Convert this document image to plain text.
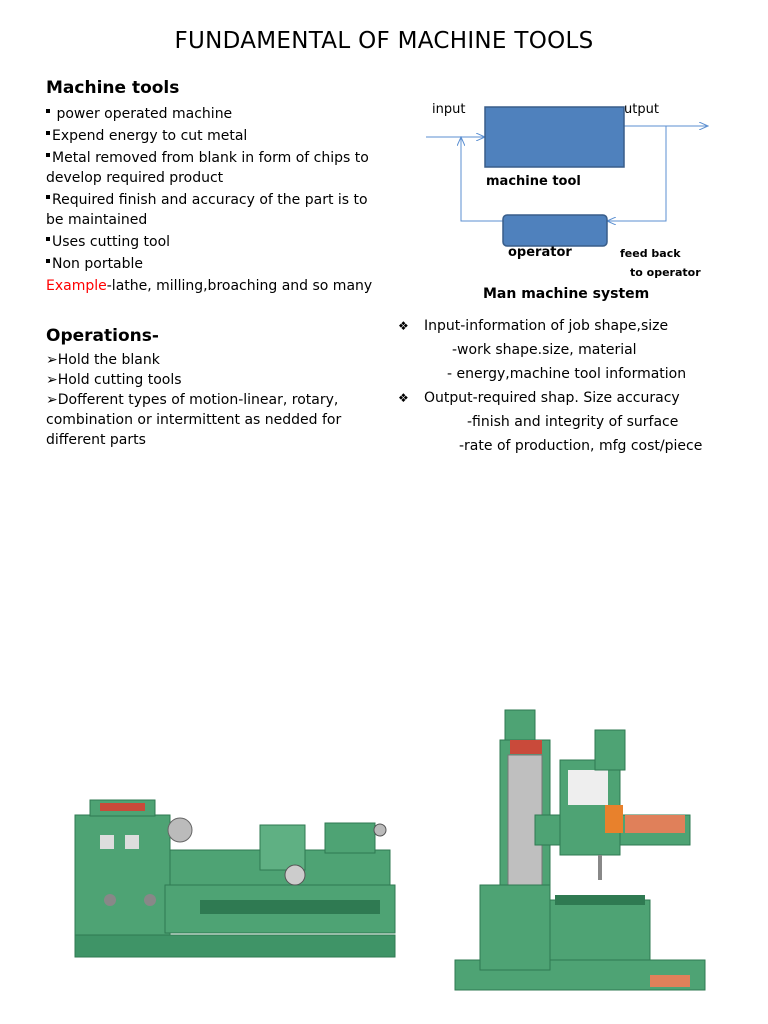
FUNDAMENTAL OF MACHINE TOOLS
Machine tools
power operated machine
Expend energy to cut metal
Metal removed from blank in form of chips to develop required product
Required finish and accuracy of the part is to be maintained
Uses cutting tool
Non portable
Example-lathe, milling,broaching and so many
Operations-
➢Hold the blank
➢Hold cutting tools
➢Dofferent types of motion-linear, rotary, combination or intermittent as nedded for different parts
input	utput
machine tool
operator	feed back
to operator
Man machine system
❖ Input-information of job shape,size
-work shape.size, material
- energy,machine tool information
❖ Output-required shap. Size accuracy
-finish and integrity of surface
-rate of production, mfg cost/piece
